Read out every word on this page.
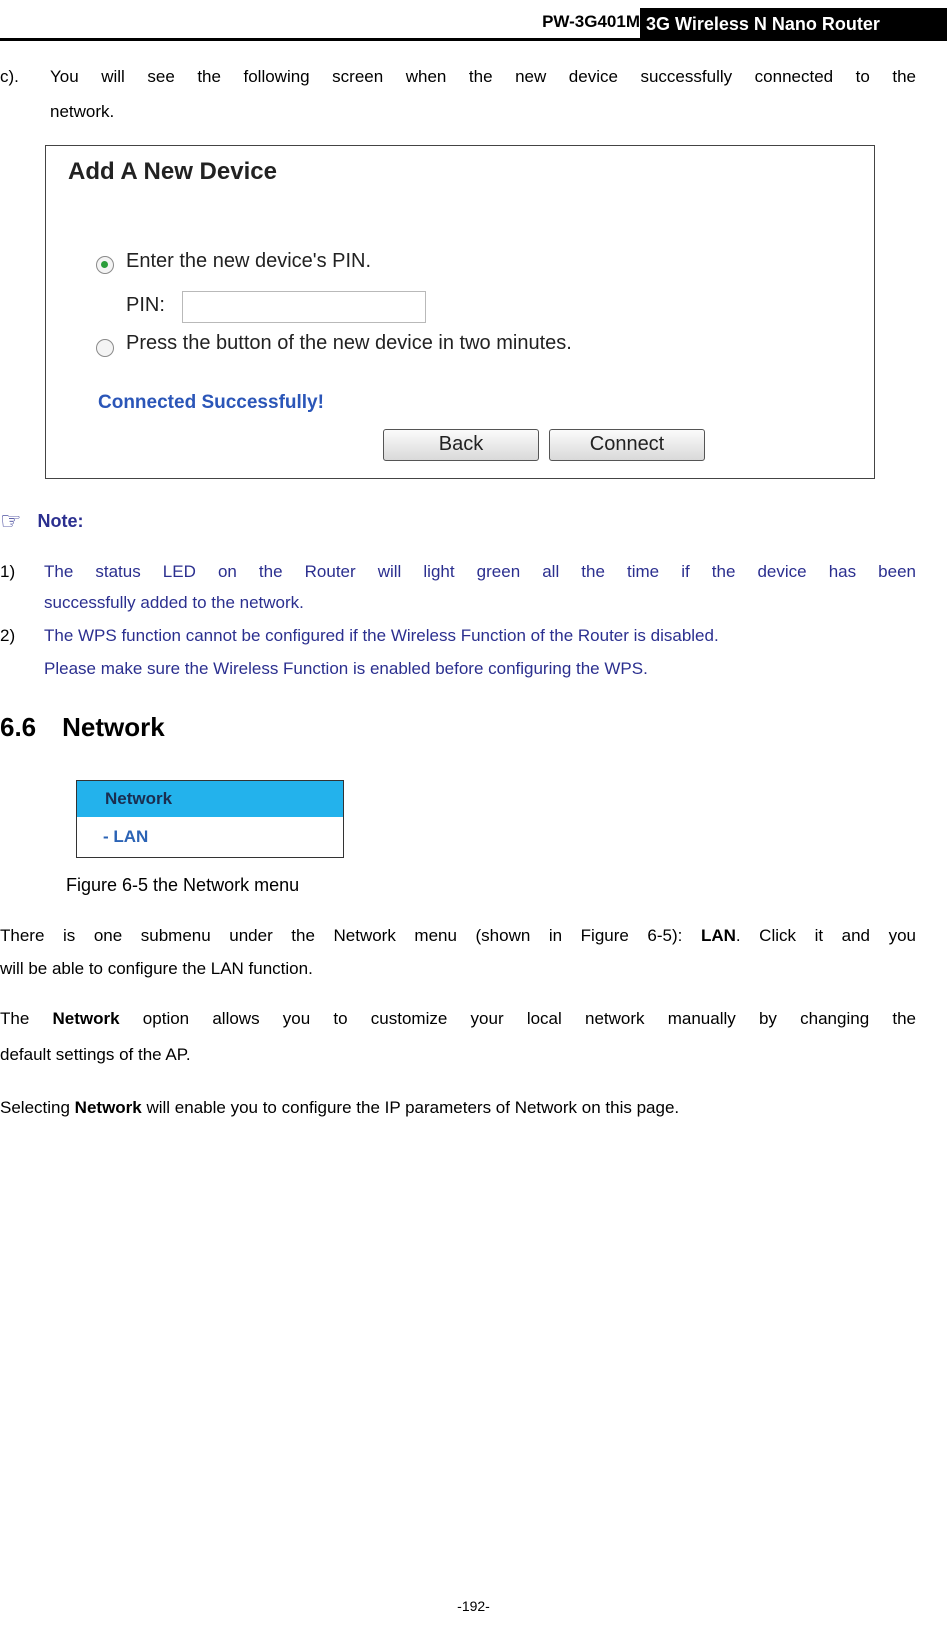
PW-3G401M 3G Wireless N Nano Router
c). You will see the following screen when the new device successfully connected to the
network.
Add A New Device
Enter the new device's PIN.
PIN:
Press the button of the new device in two minutes.
Connected Successfully!
Back	Connect
☞ Note:
1)	The status LED on the Router will light green all the time if the device has been
successfully added to the network.
2)	The WPS function cannot be configured if the Wireless Function of the Router is disabled.
Please make sure the Wireless Function is enabled before configuring the WPS.
6.6 Network
Network
- LAN
Figure 6-5 the Network menu
There is one submenu under the Network menu (shown in Figure 6-5): LAN. Click it and you
will be able to configure the LAN function.
The Network option allows you to customize your local network manually by changing the
default settings of the AP.
Selecting Network will enable you to configure the IP parameters of Network on this page.
-192-
